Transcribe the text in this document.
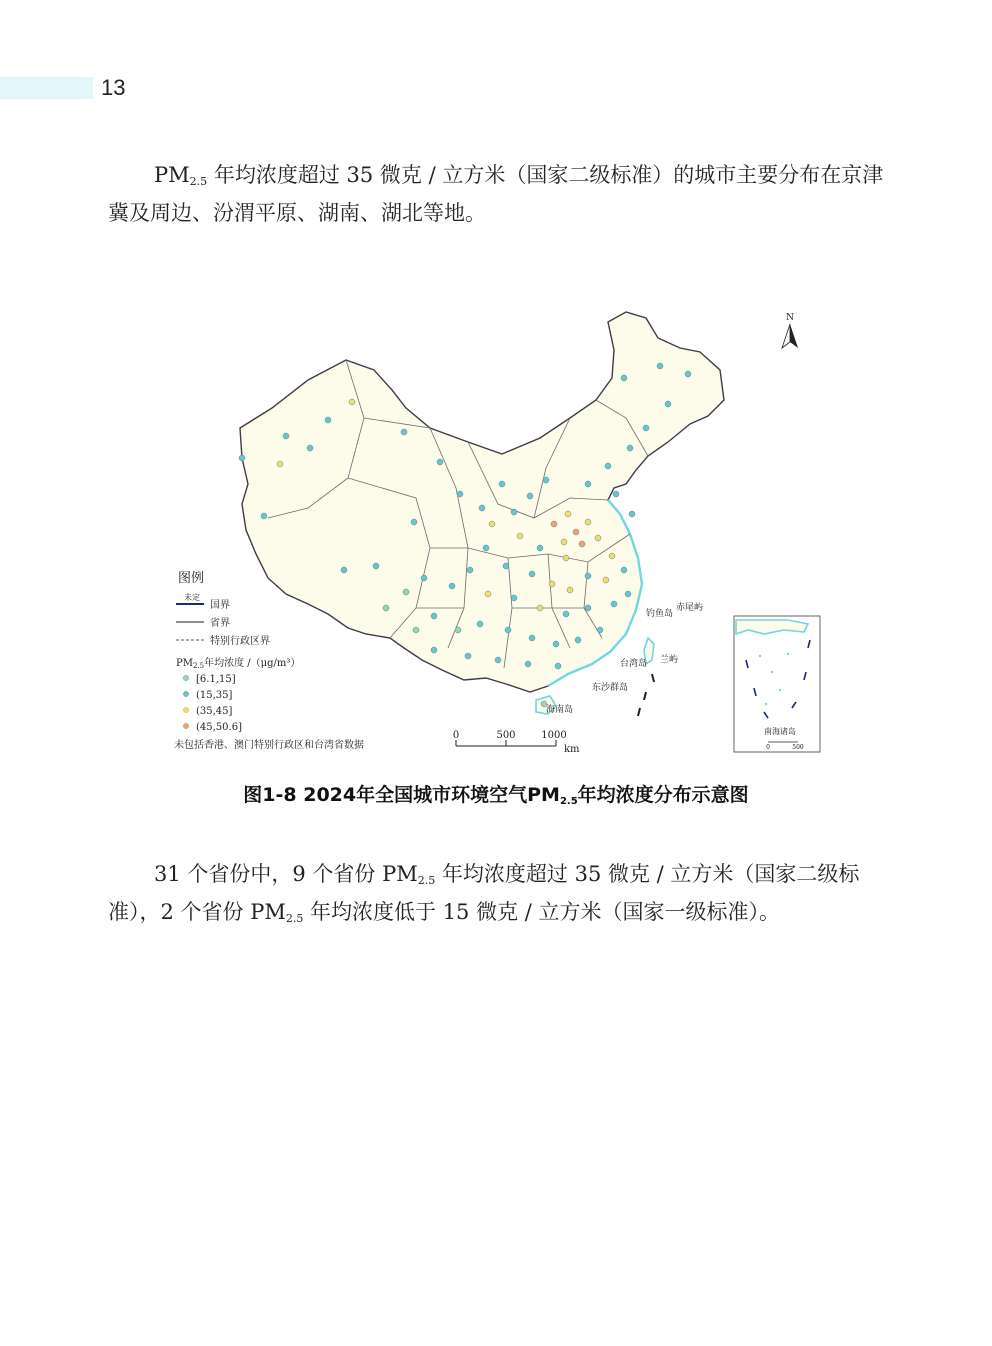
13

$PM_{2.5}$ 年均浓度超过 35 微克 / 立方米（国家二级标准）的城市主要分布在京津冀及周边、汾渭平原、湖南、湖北等地。

N
钓鱼岛
赤尾屿
台湾岛 兰屿
东沙群岛
海南岛
图例
未定
国界
省界
特别行政区界
$PM_{2.5}$年均浓度 /（μg/m³）
[6.1,15]
(15,35]
(35,45]
(45,50.6]
未包括香港、澳门特别行政区和台湾省数据
0	500	1000
km
南海诸岛
0	500
图1-8 2024年全国城市环境空气$PM_{2.5}$年均浓度分布示意图

31 个省份中，9 个省份 $PM_{2.5}$ 年均浓度超过 35 微克 / 立方米（国家二级标准），2 个省份 $PM_{2.5}$ 年均浓度低于 15 微克 / 立方米（国家一级标准）。
